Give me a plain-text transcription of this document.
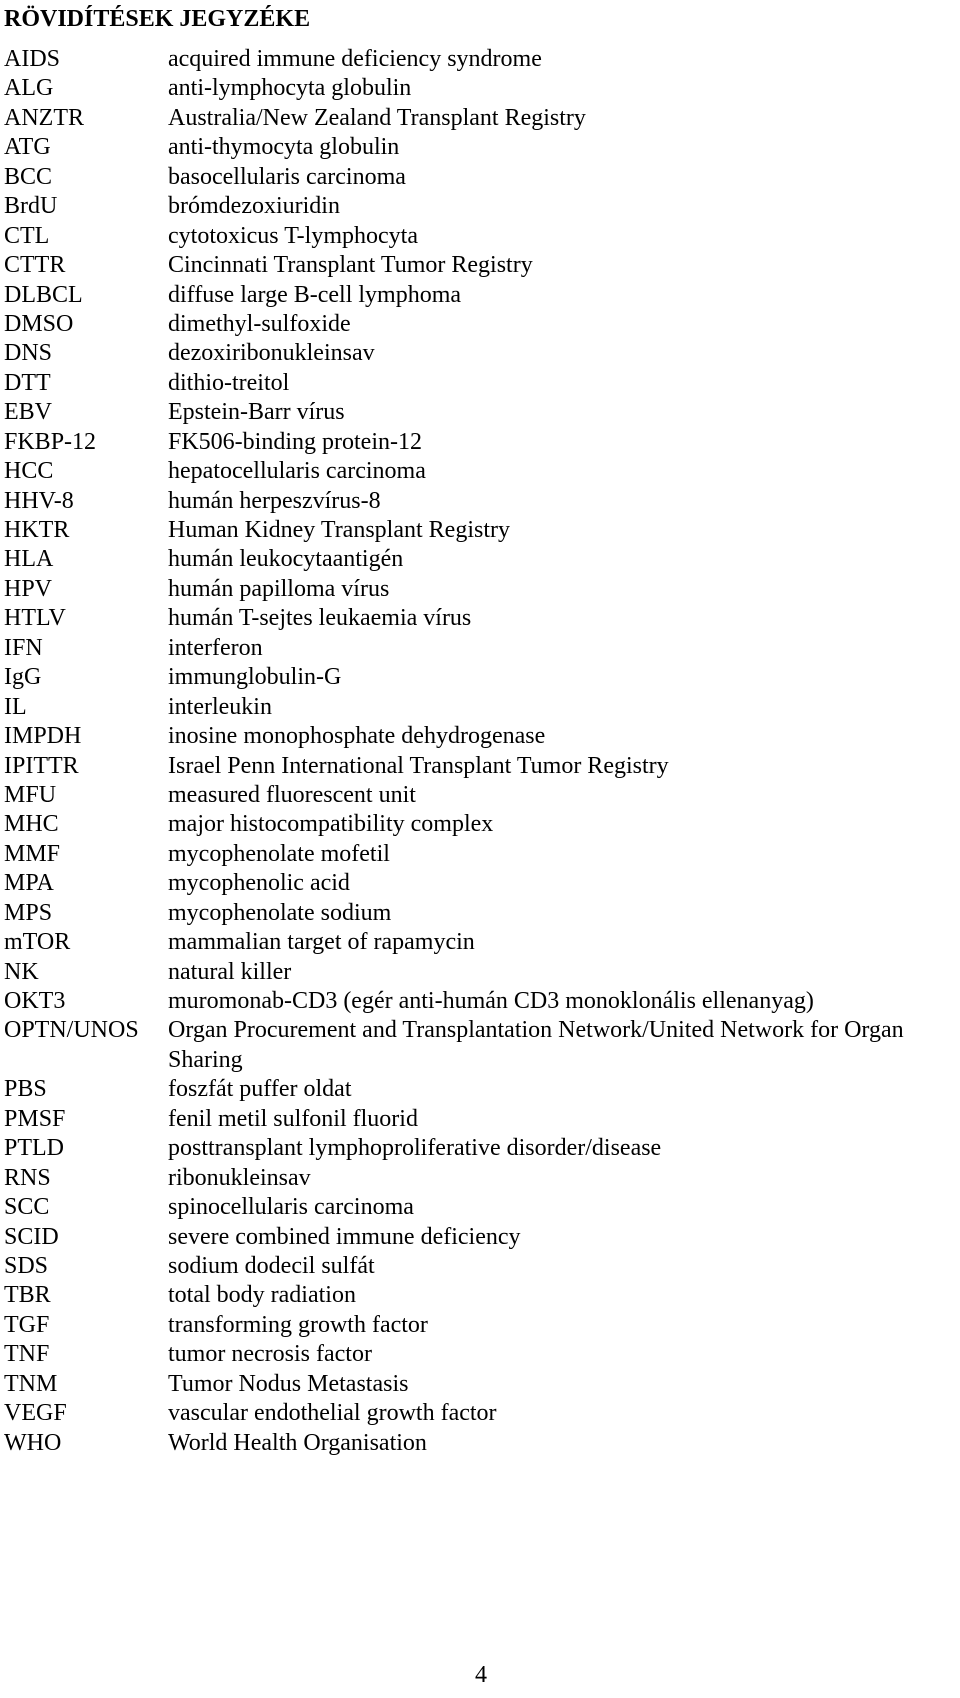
RÖVIDÍTÉSEK JEGYZÉKE
AIDS	acquired immune deficiency syndrome
ALG	anti-lymphocyta globulin
ANZTR	Australia/New Zealand Transplant Registry
ATG	anti-thymocyta globulin
BCC	basocellularis carcinoma
BrdU	brómdezoxiuridin
CTL	cytotoxicus T-lymphocyta
CTTR	Cincinnati Transplant Tumor Registry
DLBCL	diffuse large B-cell lymphoma
DMSO	dimethyl-sulfoxide
DNS	dezoxiribonukleinsav
DTT	dithio-treitol
EBV	Epstein-Barr vírus
FKBP-12	FK506-binding protein-12
HCC	hepatocellularis carcinoma
HHV-8	humán herpeszvírus-8
HKTR	Human Kidney Transplant Registry
HLA	humán leukocytaantigén
HPV	humán papilloma vírus
HTLV	humán T-sejtes leukaemia vírus
IFN	interferon
IgG	immunglobulin-G
IL	interleukin
IMPDH	inosine monophosphate dehydrogenase
IPITTR	Israel Penn International Transplant Tumor Registry
MFU	measured fluorescent unit
MHC	major histocompatibility complex
MMF	mycophenolate mofetil
MPA	mycophenolic acid
MPS	mycophenolate sodium
mTOR	mammalian target of rapamycin
NK	natural killer
OKT3	muromonab-CD3 (egér anti-humán CD3 monoklonális ellenanyag)
OPTN/UNOS Organ Procurement and Transplantation Network/United Network for Organ Sharing
PBS	foszfát puffer oldat
PMSF	fenil metil sulfonil fluorid
PTLD	posttransplant lymphoproliferative disorder/disease
RNS	ribonukleinsav
SCC	spinocellularis carcinoma
SCID	severe combined immune deficiency
SDS	sodium dodecil sulfát
TBR	total body radiation
TGF	transforming growth factor
TNF	tumor necrosis factor
TNM	Tumor Nodus Metastasis
VEGF	vascular endothelial growth factor
WHO	World Health Organisation
4
